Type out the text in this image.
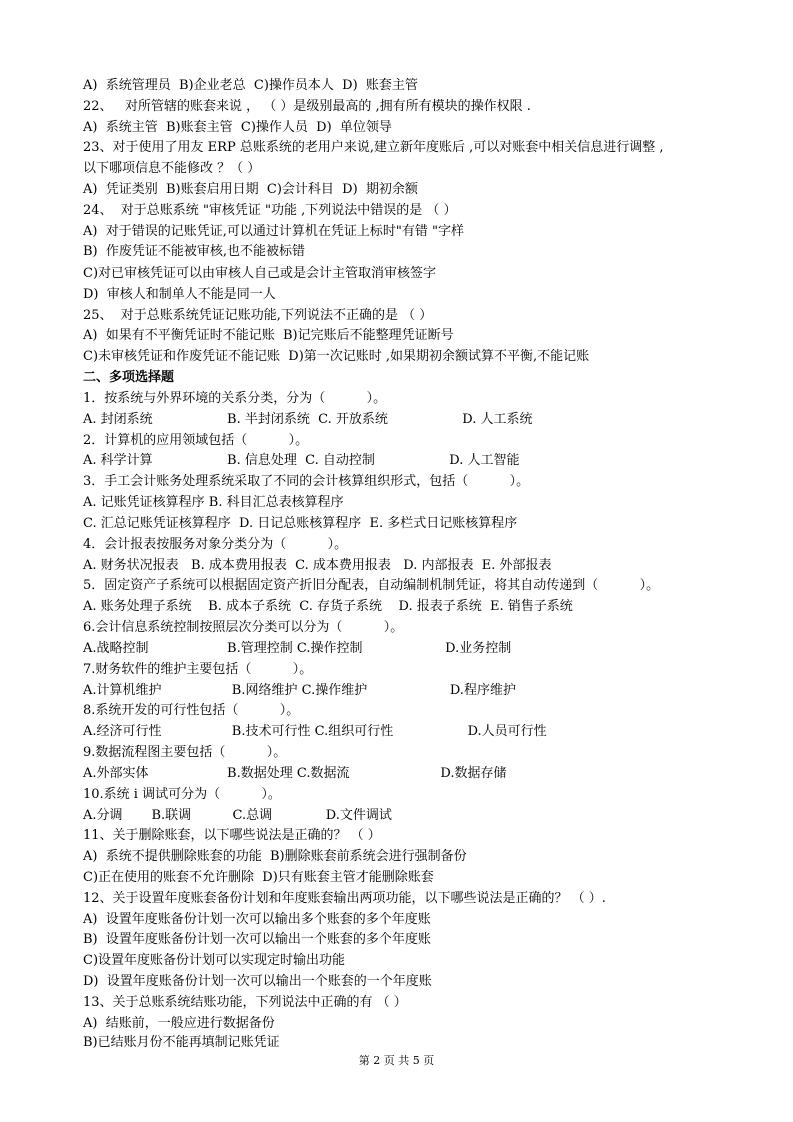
A)  系统管理员  B)企业老总  C)操作员本人  D)  账套主管
22、   对所管辖的账套来说 ， （ ）是级别最高的 ,拥有所有模块的操作权限 .
A)  系统主管  B)账套主管  C)操作人员  D)  单位领导
23、对于使用了用友 ERP 总账系统的老用户来说,建立新年度账后 ,可以对账套中相关信息进行调整 ,
以下哪项信息不能修改 ？（ ）
A)  凭证类别  B)账套启用日期  C)会计科目  D)  期初余额
24、  对于总账系统 "审核凭证 "功能 ,下列说法中错误的是 （ ）
A)  对于错误的记账凭证,可以通过计算机在凭证上标时"有错 "字样
B)  作废凭证不能被审核,也不能被标错
C)对已审核凭证可以由审核人自己或是会计主管取消审核签字
D)  审核人和制单人不能是同一人
25、  对于总账系统凭证记账功能,下列说法不正确的是 （ ）
A)  如果有不平衡凭证时不能记账  B)记完账后不能整理凭证断号
C)未审核凭证和作废凭证不能记账  D)第一次记账时 ,如果期初余额试算不平衡,不能记账
二、多项选择题
1．按系统与外界环境的关系分类，分为（          ）。
A. 封闭系统                  B. 半封闭系统  C. 开放系统                  D. 人工系统
2．计算机的应用领域包括（          ）。
A. 科学计算                  B. 信息处理  C. 自动控制                  D. 人工智能
3．手工会计账务处理系统采取了不同的会计核算组织形式，包括（          ）。
A. 记账凭证核算程序 B. 科目汇总表核算程序
C. 汇总记账凭证核算程序  D. 日记总账核算程序  E. 多栏式日记账核算程序
4．会计报表按服务对象分类分为（          ）。
A. 财务状况报表   B. 成本费用报表  C. 成本费用报表   D. 内部报表  E. 外部报表
5．固定资产子系统可以根据固定资产折旧分配表，自动编制机制凭证，将其自动传递到（          ）。
A. 账务处理子系统    B. 成本子系统  C. 存货子系统    D. 报表子系统  E. 销售子系统
6.会计信息系统控制按照层次分类可以分为（          ）。
A.战略控制                   B.管理控制 C.操作控制                    D.业务控制
7.财务软件的维护主要包括（          ）。
A.计算机维护                 B.网络维护 C.操作维护                    D.程序维护
8.系统开发的可行性包括（          ）。
A.经济可行性                 B.技术可行性 C.组织可行性                  D.人员可行性
9.数据流程图主要包括（          ）。
A.外部实体                   B.数据处理 C.数据流                      D.数据存储
10.系统 i 调试可分为（          ）。
A.分调       B.联调          C.总调             D.文件调试
11、关于删除账套，以下哪些说法是正确的？ （ ）
A)  系统不提供删除账套的功能  B)删除账套前系统会进行强制备份
C)正在使用的账套不允许删除  D)只有账套主管才能删除账套
12、关于设置年度账套备份计划和年度账套输出两项功能，以下哪些说法是正确的？ （ ）.
A)  设置年度账备份计划一次可以输出多个账套的多个年度账
B)  设置年度账备份计划一次可以输出一个账套的多个年度账
C)设置年度账备份计划可以实现定时输出功能
D)  设置年度账备份计划一次可以输出一个账套的一个年度账
13、关于总账系统结账功能，下列说法中正确的有 （ ）
A)  结账前，一般应进行数据备份
B)已结账月份不能再填制记账凭证
第 2 页 共 5 页
